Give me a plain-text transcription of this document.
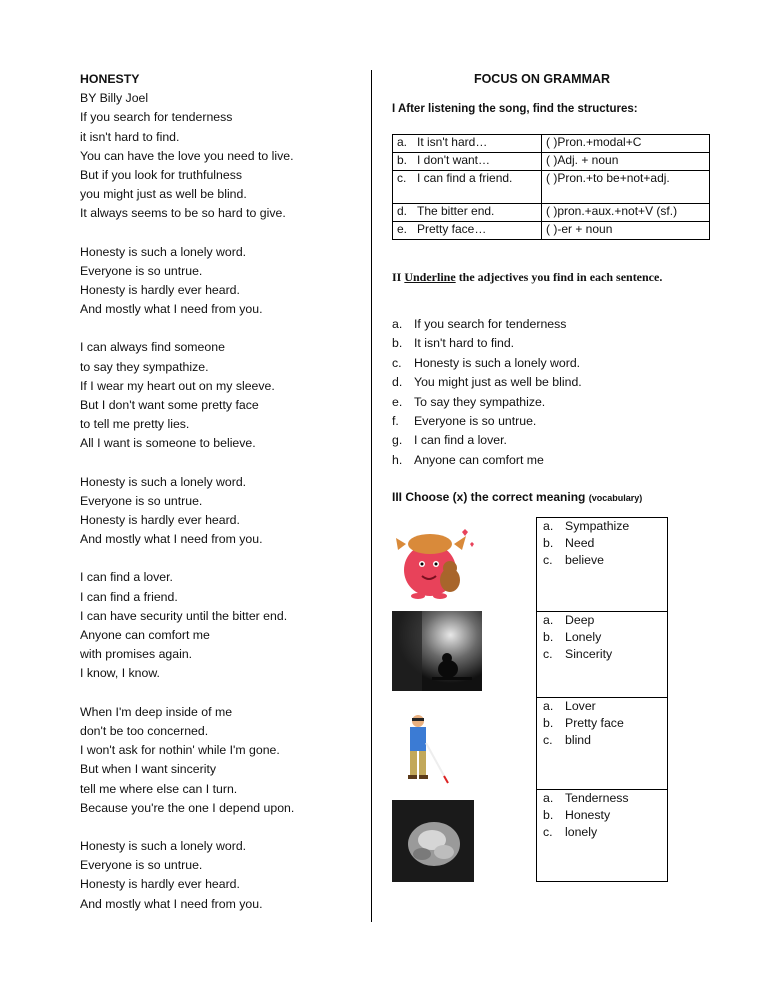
HONESTY
BY Billy Joel
If you search for tenderness
it isn't hard to find.
You can have the love you need to live.
But if you look for truthfulness
you might just as well be blind.
It always seems to be so hard to give.
Honesty is such a lonely word.
Everyone is so untrue.
Honesty is hardly ever heard.
And mostly what I need from you.
I can always find someone
to say they sympathize.
If I wear my heart out on my sleeve.
But I don't want some pretty face
to tell me pretty lies.
All I want is someone to believe.
Honesty is such a lonely word.
Everyone is so untrue.
Honesty is hardly ever heard.
And mostly what I need from you.
I can find a lover.
I can find a friend.
I can have security until the bitter end.
Anyone can comfort me
with promises again.
I know, I know.
When I'm deep inside of me
don't be too concerned.
I won't ask for nothin' while I'm gone.
But when I want sincerity
tell me where else can I turn.
Because you're the one I depend upon.
Honesty is such a lonely word.
Everyone is so untrue.
Honesty is hardly ever heard.
And mostly what I need from you.
FOCUS ON GRAMMAR
I After listening the song, find the structures:
a. It isn't hard…	( )Pron.+modal+C
b. I don't want…	( )Adj. + noun
c. I can find a friend.	( )Pron.+to be+not+adj.
d. The bitter end.	( )pron.+aux.+not+V (sf.)
e. Pretty face…	( )-er + noun
II Underline the adjectives you find in each sentence.
a. If you search for tenderness
b. It isn't hard to find.
c. Honesty is such a lonely word.
d. You might just as well be blind.
e. To say they sympathize.
f. Everyone is so untrue.
g. I can find a lover.
h. Anyone can comfort me
III Choose (x) the correct meaning (vocabulary)
a. Sympathize
b. Need
c. believe
a. Deep
b. Lonely
c. Sincerity
a. Lover
b. Pretty face
c. blind
a. Tenderness
b. Honesty
c. lonely
